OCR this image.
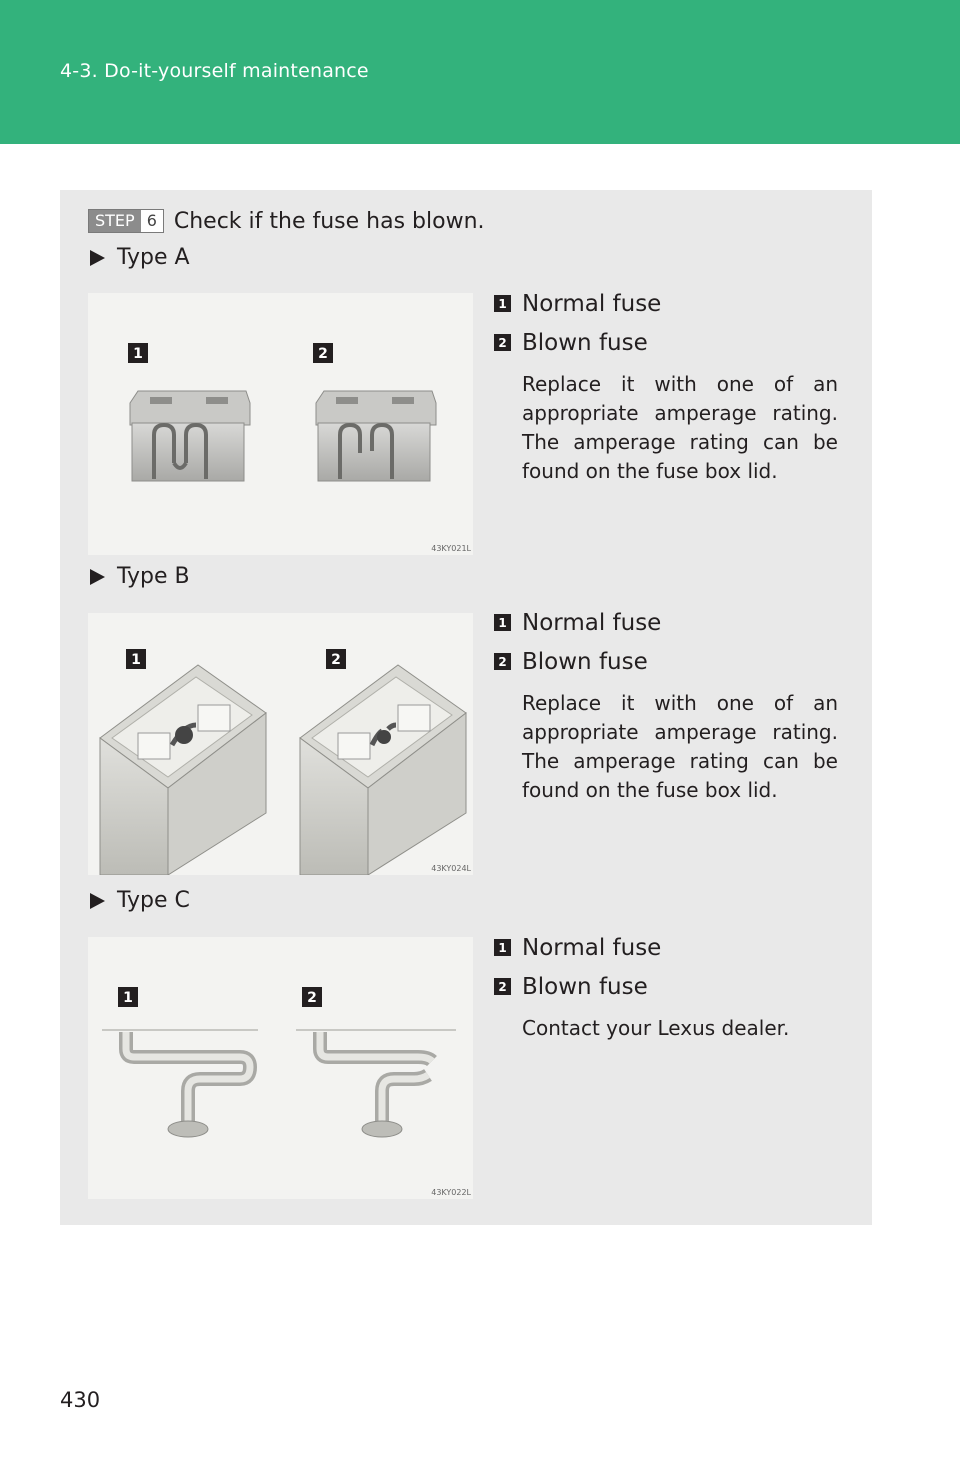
4-3. Do-it-yourself maintenance
STEP 6 Check if the fuse has blown.
Type A
1	2
43KY021L
1 Normal fuse
2 Blown fuse
Replace it with one of an appropriate amperage rating. The amperage rating can be found on the fuse box lid.
Type B
1	2
43KY024L
1 Normal fuse
2 Blown fuse
Replace it with one of an appropriate amperage rating. The amperage rating can be found on the fuse box lid.
Type C
1	2
43KY022L
1 Normal fuse
2 Blown fuse
Contact your Lexus dealer.
430
